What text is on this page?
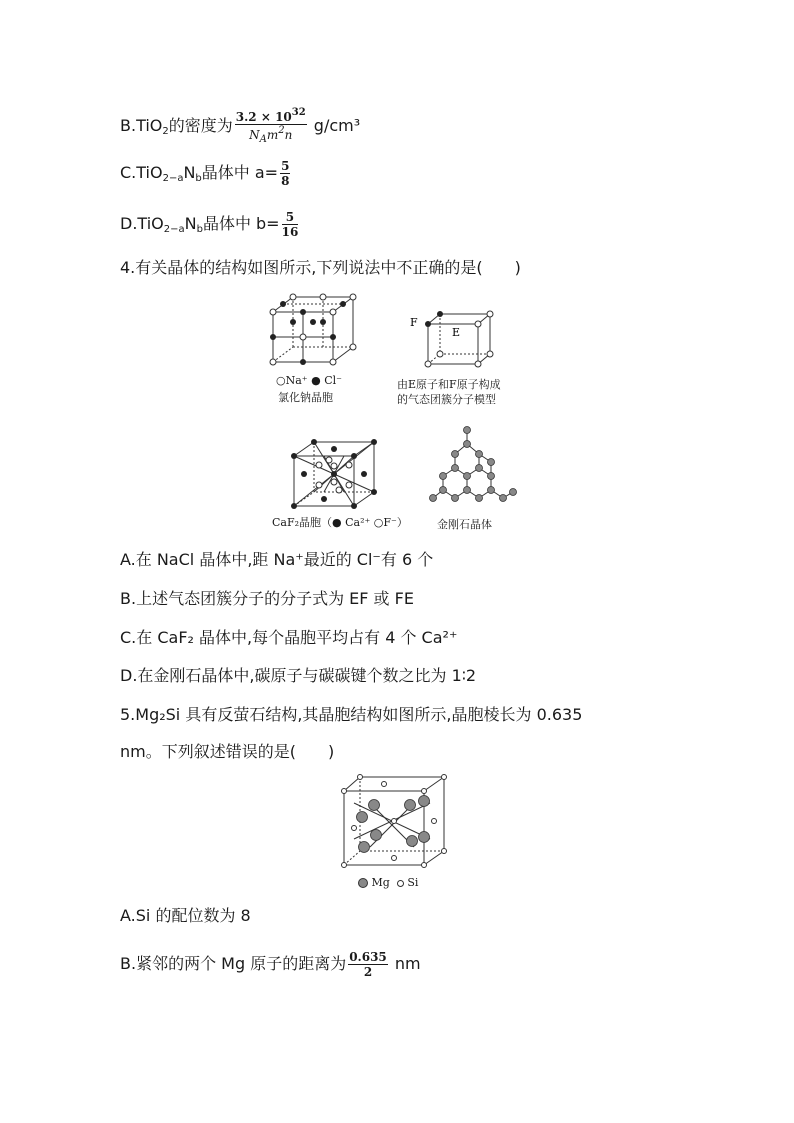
B.TiO$_2$的密度为 $\frac{3.2 \times 10^{32}}{N_Am^2n} g/cm^3$
$C.TiO_{2-a}N_b$晶体中 $a= \frac{5}{8}$
$D.TiO_{2-a}N_b$晶体中 $b= \frac{5}{16}$
4.有关晶体的结构如图所示,下列说法中不正确的是(　　)
○Na⁺ ● Cl⁻
氯化钠晶胞
F
E
由E原子和F原子构成
的气态团簇分子模型
CaF₂晶胞（● Ca²⁺ ○F⁻）	金刚石晶体
A.在 NaCl 晶体中,距 Na⁺最近的 Cl⁻有 6 个
B.上述气态团簇分子的分子式为 EF 或 FE
C.在 CaF₂ 晶体中,每个晶胞平均占有 4 个 Ca²⁺
D.在金刚石晶体中,碳原子与碳碳键个数之比为 1∶2
5.Mg₂Si 具有反萤石结构,其晶胞结构如图所示,晶胞棱长为 0.635
nm。下列叙述错误的是(　　)
Mg Si
A.Si 的配位数为 8
B.紧邻的两个 Mg 原子的距离为 $\frac{0.635}{2}$ nm
